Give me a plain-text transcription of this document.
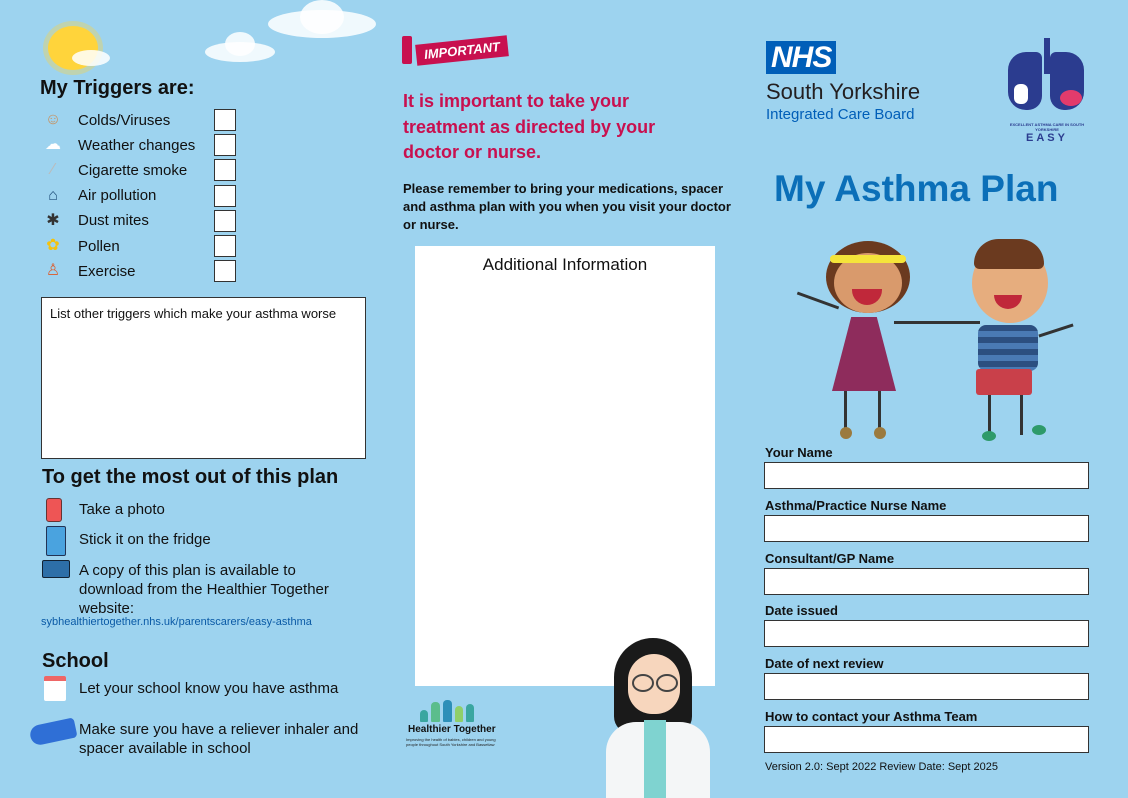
My Triggers are:
☺	Colds/Viruses
☁	Weather changes
⁄	Cigarette smoke
⌂	Air pollution
✱	Dust mites
✿	Pollen
♙	Exercise
List other triggers which make your asthma worse
To get the most out of this plan
Take a photo
Stick it on the fridge
A copy of this plan is available to download from the Healthier Together website:
sybhealthiertogether.nhs.uk/parentscarers/easy-asthma
School
Let your school know you have asthma
Make sure you have a reliever inhaler and spacer available in school
IMPORTANT
It is important to take your treatment as directed by your doctor or nurse.
Please remember to bring your medications, spacer and asthma plan with you when you visit your doctor or nurse.
Additional Information
Healthier Together
Improving the health of babies, children and young people throughout South Yorkshire and Bassetlaw
NHS
South Yorkshire
Integrated Care Board
EXCELLENT ASTHMA CARE IN SOUTH YORKSHIRE
EASY
My Asthma Plan
Your Name
Asthma/Practice Nurse Name
Consultant/GP Name
Date issued
Date of next review
How to contact your Asthma Team
Version 2.0: Sept 2022 Review Date: Sept 2025
